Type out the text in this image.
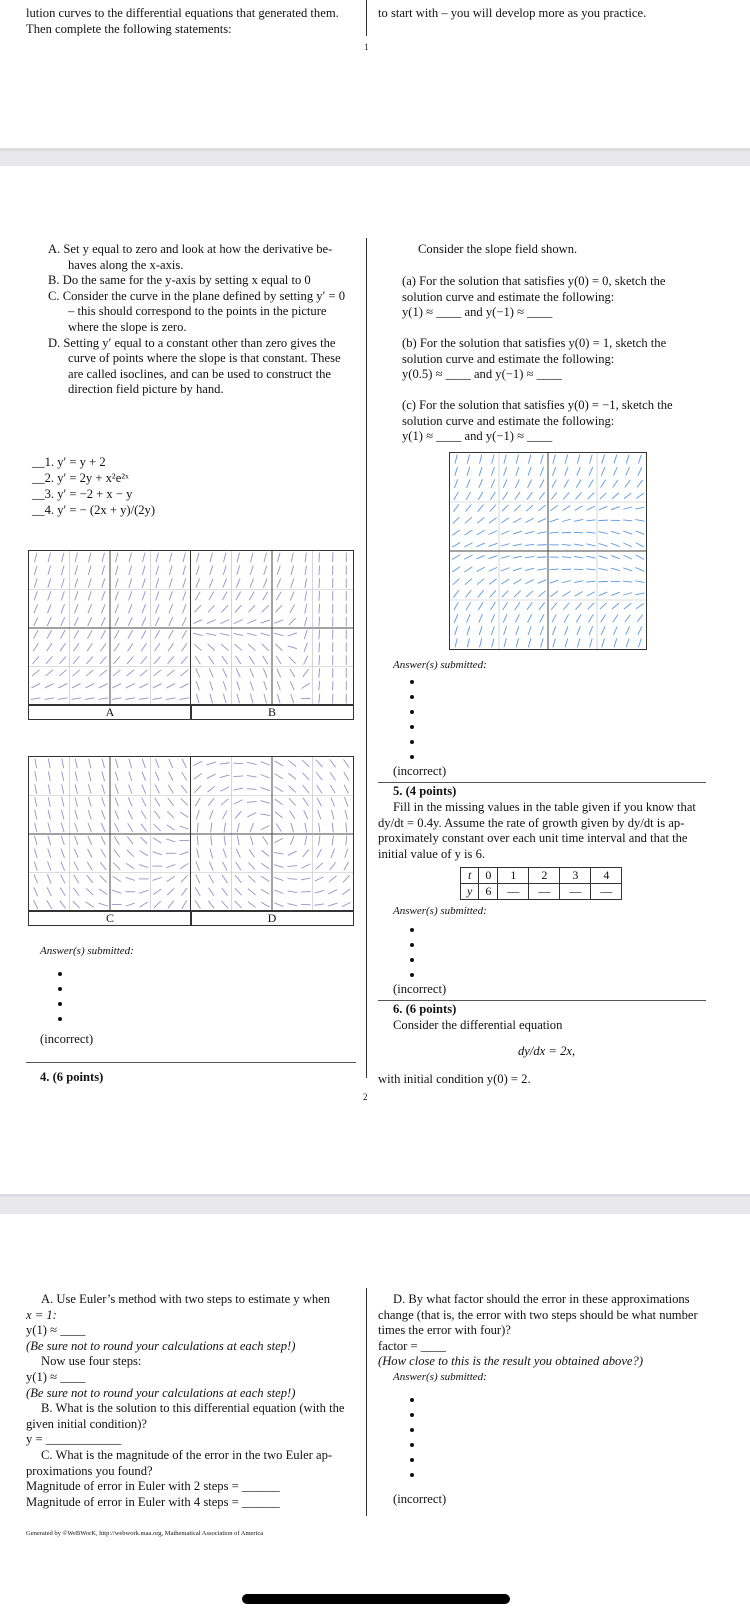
lution curves to the differential equations that generated them.
Then complete the following statements:
to start with – you will develop more as you practice.
1
A. Set y equal to zero and look at how the derivative be-
haves along the x-axis.
B. Do the same for the y-axis by setting x equal to 0
C. Consider the curve in the plane defined by setting y′ = 0
– this should correspond to the points in the picture
where the slope is zero.
D. Setting y′ equal to a constant other than zero gives the
curve of points where the slope is that constant. These
are called isoclines, and can be used to construct the
direction field picture by hand.
__1. y′ = y + 2
__2. y′ = 2y + x²e²ˣ
__3. y′ = −2 + x − y
__4. y′ = − (2x + y)/(2y)
A	B
C	D
Answer(s) submitted:
(incorrect)
4. (6 points)
Consider the slope field shown.
(a) For the solution that satisfies y(0) = 0, sketch the
solution curve and estimate the following:
y(1) ≈ ____ and y(−1) ≈ ____
(b) For the solution that satisfies y(0) = 1, sketch the
solution curve and estimate the following:
y(0.5) ≈ ____ and y(−1) ≈ ____
(c) For the solution that satisfies y(0) = −1, sketch the
solution curve and estimate the following:
y(1) ≈ ____ and y(−1) ≈ ____
Answer(s) submitted:
(incorrect)
5. (4 points)
Fill in the missing values in the table given if you know that
dy/dt = 0.4y. Assume the rate of growth given by dy/dt is ap-
proximately constant over each unit time interval and that the
initial value of y is 6.
t	0	1	2	3	4
y	6	—	—	—	—
Answer(s) submitted:
(incorrect)
6. (6 points)
Consider the differential equation
dy/dx = 2x,
with initial condition y(0) = 2.
2
A. Use Euler’s method with two steps to estimate y when
x = 1:
y(1) ≈ ____
(Be sure not to round your calculations at each step!)
Now use four steps:
y(1) ≈ ____
(Be sure not to round your calculations at each step!)
B. What is the solution to this differential equation (with the
given initial condition)?
y = ____________
C. What is the magnitude of the error in the two Euler ap-
proximations you found?
Magnitude of error in Euler with 2 steps = ______
Magnitude of error in Euler with 4 steps = ______
D. By what factor should the error in these approximations
change (that is, the error with two steps should be what number
times the error with four)?
factor = ____
(How close to this is the result you obtained above?)
Answer(s) submitted:
(incorrect)
Generated by ©WeBWorK, http://webwork.maa.org, Mathematical Association of America
